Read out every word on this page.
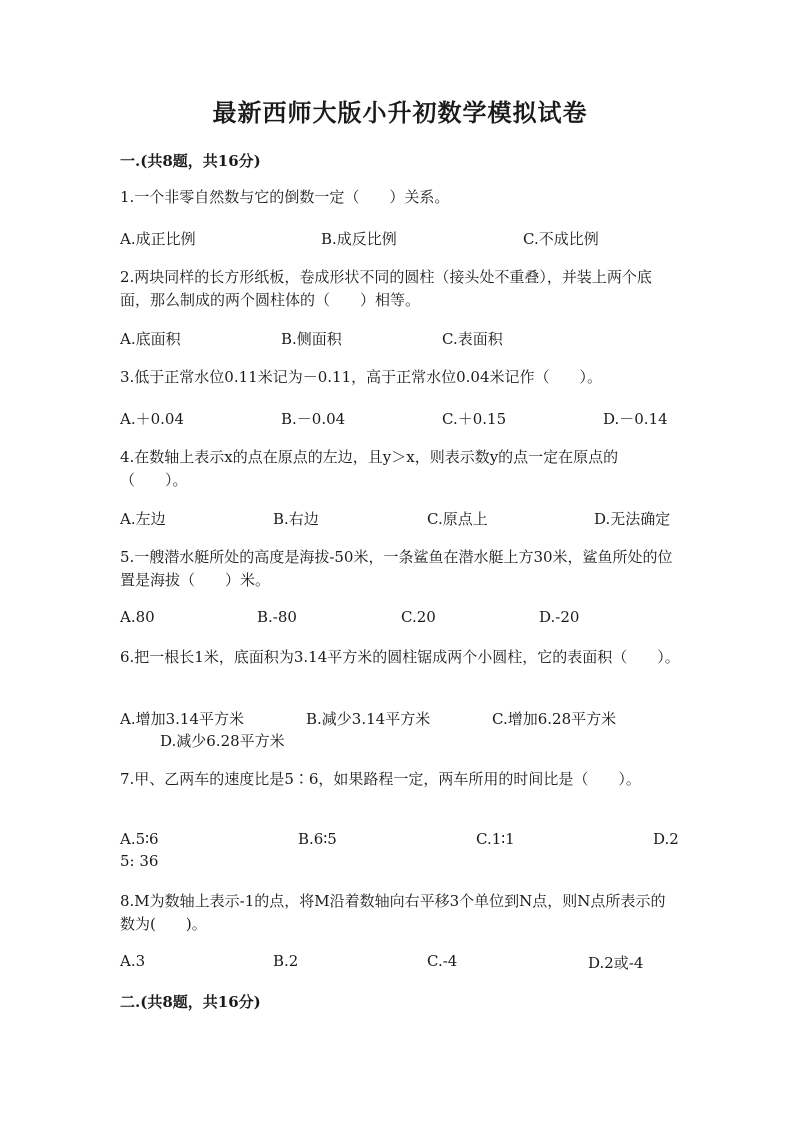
最新西师大版小升初数学模拟试卷
一.(共8题，共16分)
1.一个非零自然数与它的倒数一定（　　）关系。
A.成正比例	B.成反比例	C.不成比例
2.两块同样的长方形纸板，卷成形状不同的圆柱（接头处不重叠），并装上两个底面，那么制成的两个圆柱体的（　　）相等。
A.底面积	B.侧面积	C.表面积
3.低于正常水位0.11米记为－0.11，高于正常水位0.04米记作（　　）。
A.＋0.04	B.－0.04	C.＋0.15	D.－0.14
4.在数轴上表示x的点在原点的左边，且y＞x，则表示数y的点一定在原点的（　　）。
A.左边	B.右边	C.原点上	D.无法确定
5.一艘潜水艇所处的高度是海拔-50米，一条鲨鱼在潜水艇上方30米，鲨鱼所处的位置是海拔（　　）米。
A.80	B.-80	C.20	D.-20
6.把一根长1米，底面积为3.14平方米的圆柱锯成两个小圆柱，它的表面积（　　）。
A.增加3.14平方米	B.减少3.14平方米	C.增加6.28平方米
D.减少6.28平方米
7.甲、乙两车的速度比是5∶6，如果路程一定，两车所用的时间比是（　　）。
A.5∶6	B.6∶5	C.1∶1	D.2
5: 36
8.M为数轴上表示-1的点，将M沿着数轴向右平移3个单位到N点，则N点所表示的数为(　　)。
A.3	B.2	C.-4	D.2或-4
二.(共8题，共16分)
